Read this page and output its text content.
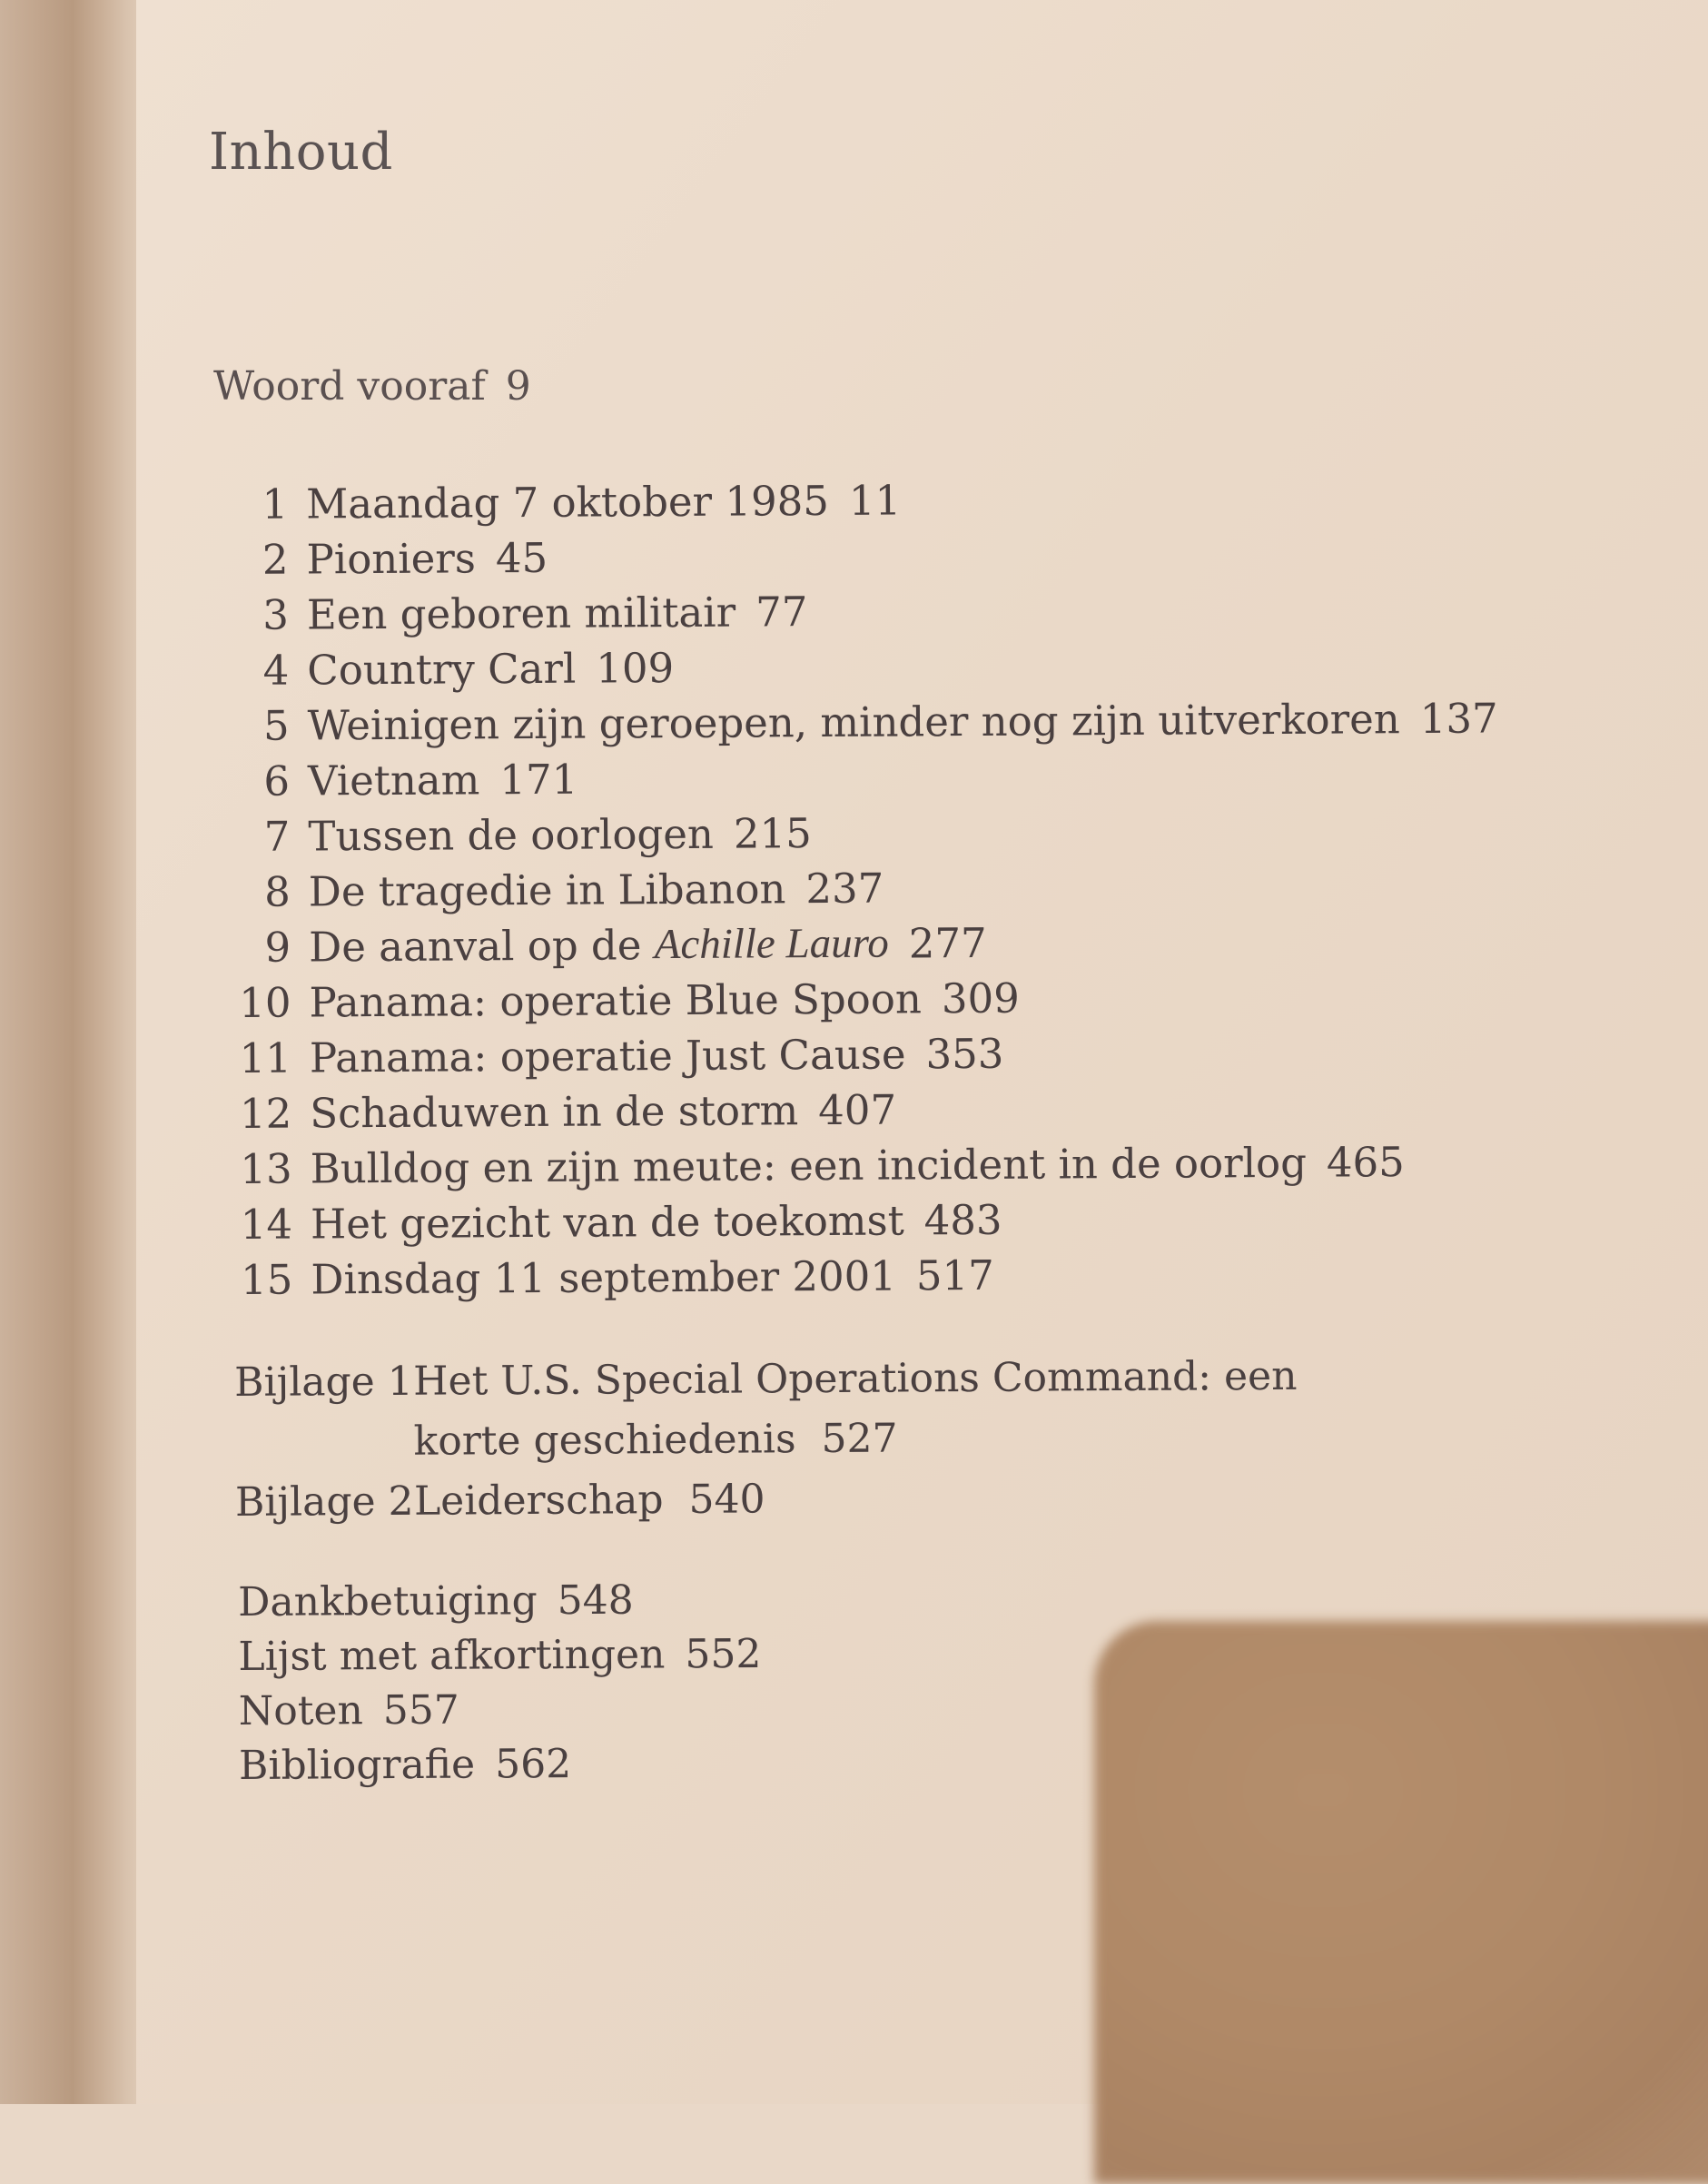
Inhoud
Woord vooraf 9
1 Maandag 7 oktober 1985 11
2 Pioniers 45
3 Een geboren militair 77
4 Country Carl 109
5 Weinigen zijn geroepen, minder nog zijn uitverkoren 137
6 Vietnam 171
7 Tussen de oorlogen 215
8 De tragedie in Libanon 237
9 De aanval op de
Achille Lauro 277
10 Panama: operatie Blue Spoon 309
11 Panama: operatie Just Cause 353
12 Schaduwen in de storm 407
13 Bulldog en zijn meute: een incident in de oorlog 465
14 Het gezicht van de toekomst 483
15 Dinsdag 11 september 2001 517
Bijlage 1 Het U.S. Special Operations Command: een korte geschiedenis 527
Bijlage 2 Leiderschap 540
Dankbetuiging 548
Lijst met afkortingen 552
Noten 557
Bibliografie 562
